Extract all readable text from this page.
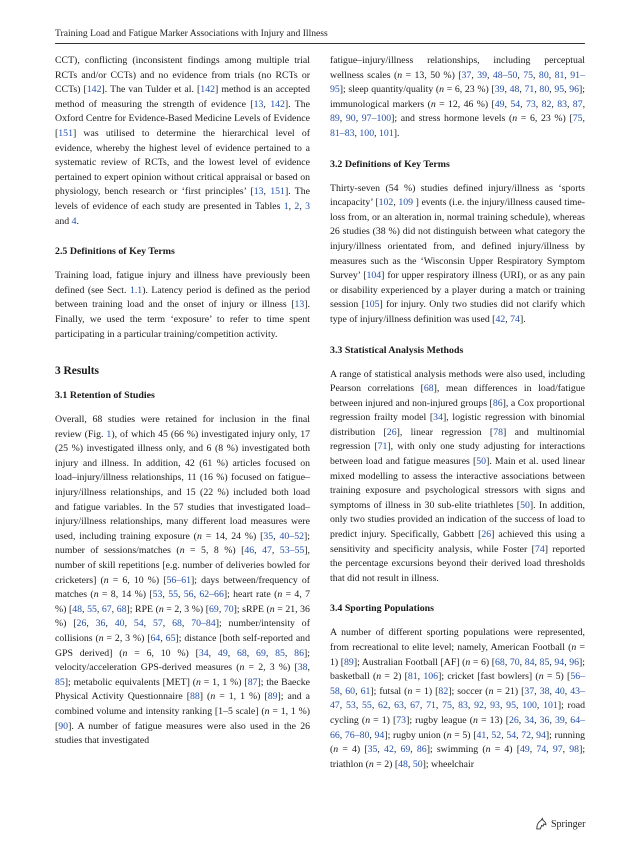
Training Load and Fatigue Marker Associations with Injury and Illness

CCT), conflicting (inconsistent findings among multiple trial RCTs and/or CCTs) and no evidence from trials (no RCTs or CCTs) [142]. The van Tulder et al. [142] method is an accepted method of measuring the strength of evidence [13, 142]. The Oxford Centre for Evidence-Based Medicine Levels of Evidence [151] was utilised to determine the hierarchical level of evidence, whereby the highest level of evidence pertained to a systematic review of RCTs, and the lowest level of evidence pertained to expert opinion without critical appraisal or based on physiology, bench research or ‘first principles’ [13, 151]. The levels of evidence of each study are presented in Tables 1, 2, 3 and 4.

2.5 Definitions of Key Terms

Training load, fatigue injury and illness have previously been defined (see Sect. 1.1). Latency period is defined as the period between training load and the onset of injury or illness [13]. Finally, we used the term ‘exposure’ to refer to time spent participating in a particular training/competition activity.

3 Results
3.1 Retention of Studies

Overall, 68 studies were retained for inclusion in the final review (Fig. 1), of which 45 (66 %) investigated injury only, 17 (25 %) investigated illness only, and 6 (8 %) investigated both injury and illness. In addition, 42 (61 %) articles focused on load–injury/illness relationships, 11 (16 %) focused on fatigue–injury/illness relationships, and 15 (22 %) included both load and fatigue variables. In the 57 studies that investigated load–injury/illness relationships, many different load measures were used, including training exposure (n = 14, 24 %) [35, 40–52]; number of sessions/matches (n = 5, 8 %) [46, 47, 53–55], number of skill repetitions [e.g. number of deliveries bowled for cricketers] (n = 6, 10 %) [56–61]; days between/frequency of matches (n = 8, 14 %) [53, 55, 56, 62–66]; heart rate (n = 4, 7 %) [48, 55, 67, 68]; RPE (n = 2, 3 %) [69, 70]; sRPE (n = 21, 36 %) [26, 36, 40, 54, 57, 68, 70–84]; number/intensity of collisions (n = 2, 3 %) [64, 65]; distance [both self-reported and GPS derived] (n = 6, 10 %) [34, 49, 68, 69, 85, 86]; velocity/acceleration GPS-derived measures (n = 2, 3 %) [38, 85]; metabolic equivalents [MET] (n = 1, 1 %) [87]; the Baecke Physical Activity Questionnaire [88] (n = 1, 1 %) [89]; and a combined volume and intensity ranking [1–5 scale] (n = 1, 1 %) [90]. A number of fatigue measures were also used in the 26 studies that investigated

fatigue–injury/illness relationships, including perceptual wellness scales (n = 13, 50 %) [37, 39, 48–50, 75, 80, 81, 91–95]; sleep quantity/quality (n = 6, 23 %) [39, 48, 71, 80, 95, 96]; immunological markers (n = 12, 46 %) [49, 54, 73, 82, 83, 87, 89, 90, 97–100]; and stress hormone levels (n = 6, 23 %) [75, 81–83, 100, 101].

3.2 Definitions of Key Terms

Thirty-seven (54 %) studies defined injury/illness as ‘sports incapacity’ [102, 109 ] events (i.e. the injury/illness caused time-loss from, or an alteration in, normal training schedule), whereas 26 studies (38 %) did not distinguish between what category the injury/illness orientated from, and defined injury/illness by measures such as the ‘Wisconsin Upper Respiratory Symptom Survey’ [104] for upper respiratory illness (URI), or as any pain or disability experienced by a player during a match or training session [105] for injury. Only two studies did not clarify which type of injury/illness definition was used [42, 74].

3.3 Statistical Analysis Methods

A range of statistical analysis methods were also used, including Pearson correlations [68], mean differences in load/fatigue between injured and non-injured groups [86], a Cox proportional regression frailty model [34], logistic regression with binomial distribution [26], linear regression [78] and multinomial regression [71], with only one study adjusting for interactions between load and fatigue measures [50]. Main et al. used linear mixed modelling to assess the interactive associations between training exposure and psychological stressors with signs and symptoms of illness in 30 sub-elite triathletes [50]. In addition, only two studies provided an indication of the success of load to predict injury. Specifically, Gabbett [26] achieved this using a sensitivity and specificity analysis, while Foster [74] reported the percentage excursions beyond their derived load thresholds that did not result in illness.

3.4 Sporting Populations

A number of different sporting populations were represented, from recreational to elite level; namely, American Football (n = 1) [89]; Australian Football [AF] (n = 6) [68, 70, 84, 85, 94, 96]; basketball (n = 2) [81, 106]; cricket [fast bowlers] (n = 5) [56–58, 60, 61]; futsal (n = 1) [82]; soccer (n = 21) [37, 38, 40, 43–47, 53, 55, 62, 63, 67, 71, 75, 83, 92, 93, 95, 100, 101]; road cycling (n = 1) [73]; rugby league (n = 13) [26, 34, 36, 39, 64–66, 76–80, 94]; rugby union (n = 5) [41, 52, 54, 72, 94]; running (n = 4) [35, 42, 69, 86]; swimming (n = 4) [49, 74, 97, 98]; triathlon (n = 2) [48, 50]; wheelchair

Springer
